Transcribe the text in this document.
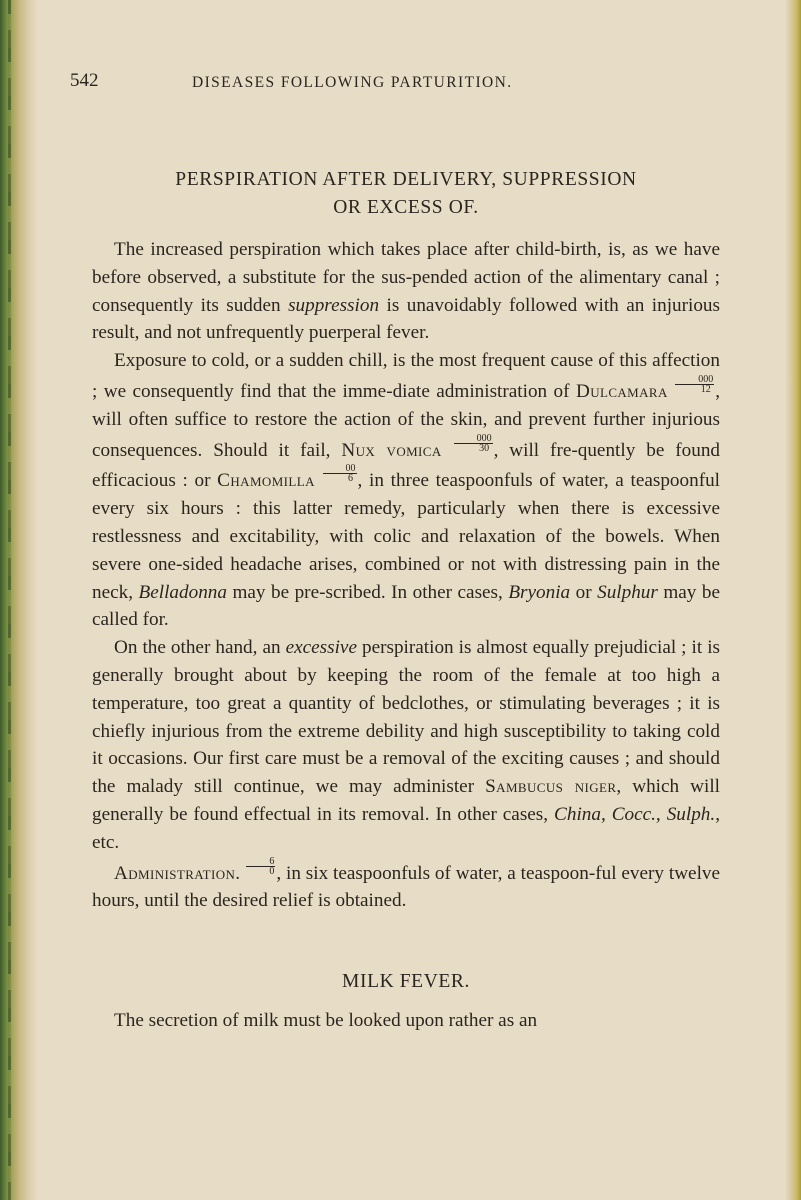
542	DISEASES FOLLOWING PARTURITION.
PERSPIRATION AFTER DELIVERY, SUPPRESSION
OR EXCESS OF.

The increased perspiration which takes place after child-birth, is, as we have before observed, a substitute for the sus-pended action of the alimentary canal ; consequently its sudden suppression is unavoidably followed with an injurious result, and not unfrequently puerperal fever.

Exposure to cold, or a sudden chill, is the most frequent cause of this affection ; we consequently find that the imme-diate administration of Dulcamara $\frac{000}{12}$ , will often suffice to restore the action of the skin, and prevent further injurious consequences. Should it fail, Nux vomica $\frac{000}{30}$ , will fre-quently be found efficacious : or Chamomilla $\frac{00}{6}$ , in three teaspoonfuls of water, a teaspoonful every six hours : this latter remedy, particularly when there is excessive restlessness and excitability, with colic and relaxation of the bowels. When severe one-sided headache arises, combined or not with distressing pain in the neck, Belladonna may be pre-scribed. In other cases, Bryonia or Sulphur may be called for.

On the other hand, an excessive perspiration is almost equally prejudicial ; it is generally brought about by keeping the room of the female at too high a temperature, too great a quantity of bedclothes, or stimulating beverages ; it is chiefly injurious from the extreme debility and high susceptibility to taking cold it occasions. Our first care must be a removal of the exciting causes ; and should the malady still continue, we may administer Sambucus niger, which will generally be found effectual in its removal. In other cases, China, Cocc., Sulph., etc.

Administration. $\frac{6}{0}$ , in six teaspoonfuls of water, a teaspoon-ful every twelve hours, until the desired relief is obtained.

MILK FEVER.
The secretion of milk must be looked upon rather as an
